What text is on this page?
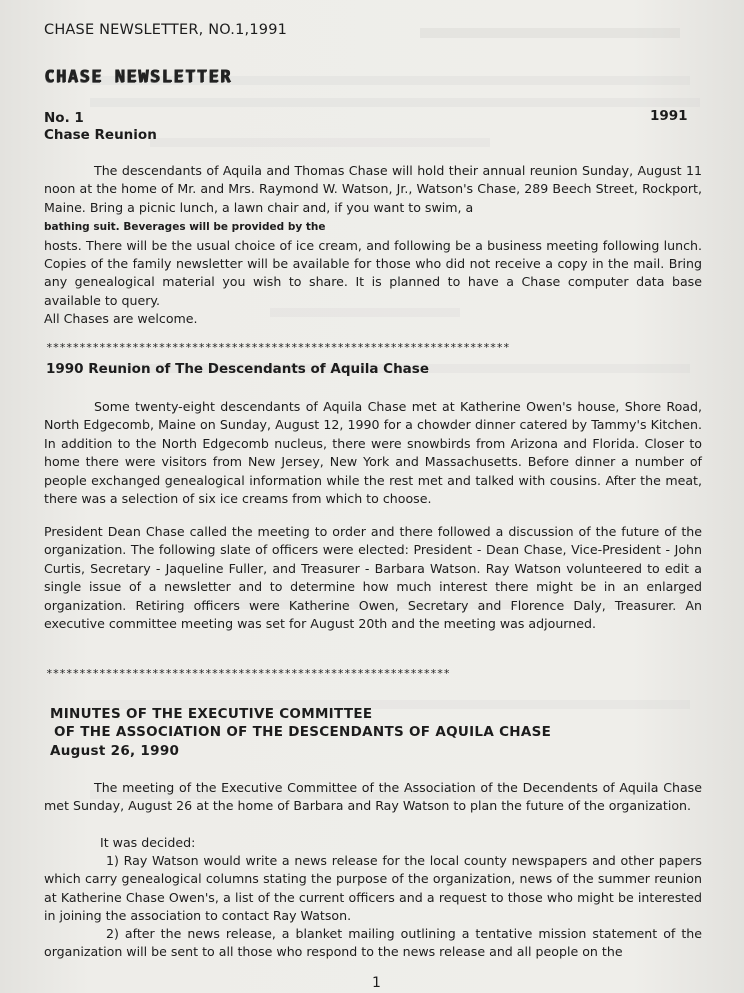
CHASE NEWSLETTER, NO.1,1991
CHASE NEWSLETTER
No. 1	1991
Chase Reunion
The descendants of Aquila and Thomas Chase will hold their annual reunion Sunday, August 11 noon at the home of Mr. and Mrs. Raymond W. Watson, Jr., Watson's Chase, 289 Beech Street, Rockport, Maine. Bring a picnic lunch, a lawn chair and, if you want to swim, a
bathing suit. Beverages will be provided by the
hosts. There will be the usual choice of ice cream, and following be a business meeting following lunch. Copies of the family newsletter will be available for those who did not receive a copy in the mail. Bring any genealogical material you wish to share. It is planned to have a Chase computer data base available to query.
All Chases are welcome.
**********************************************************************
1990 Reunion of The Descendants of Aquila Chase
Some twenty-eight descendants of Aquila Chase met at Katherine Owen's house, Shore Road, North Edgecomb, Maine on Sunday, August 12, 1990 for a chowder dinner catered by Tammy's Kitchen. In addition to the North Edgecomb nucleus, there were snowbirds from Arizona and Florida. Closer to home there were visitors from New Jersey, New York and Massachusetts. Before dinner a number of people exchanged genealogical information while the rest met and talked with cousins. After the meat, there was a selection of six ice creams from which to choose.
President Dean Chase called the meeting to order and there followed a discussion of the future of the organization. The following slate of officers were elected: President - Dean Chase, Vice-President - John Curtis, Secretary - Jaqueline Fuller, and Treasurer - Barbara Watson. Ray Watson volunteered to edit a single issue of a newsletter and to determine how much interest there might be in an enlarged organization. Retiring officers were Katherine Owen, Secretary and Florence Daly, Treasurer. An executive committee meeting was set for August 20th and the meeting was adjourned.
*************************************************************
MINUTES OF THE EXECUTIVE COMMITTEE
OF THE ASSOCIATION OF THE DESCENDANTS OF AQUILA CHASE
August 26, 1990
The meeting of the Executive Committee of the Association of the Decendents of Aquila Chase met Sunday, August 26 at the home of Barbara and Ray Watson to plan the future of the organization.
It was decided:
1) Ray Watson would write a news release for the local county newspapers and other papers which carry genealogical columns stating the purpose of the organization, news of the summer reunion at Katherine Chase Owen's, a list of the current officers and a request to those who might be interested in joining the association to contact Ray Watson.
2) after the news release, a blanket mailing outlining a tentative mission statement of the organization will be sent to all those who respond to the news release and all people on the
1
